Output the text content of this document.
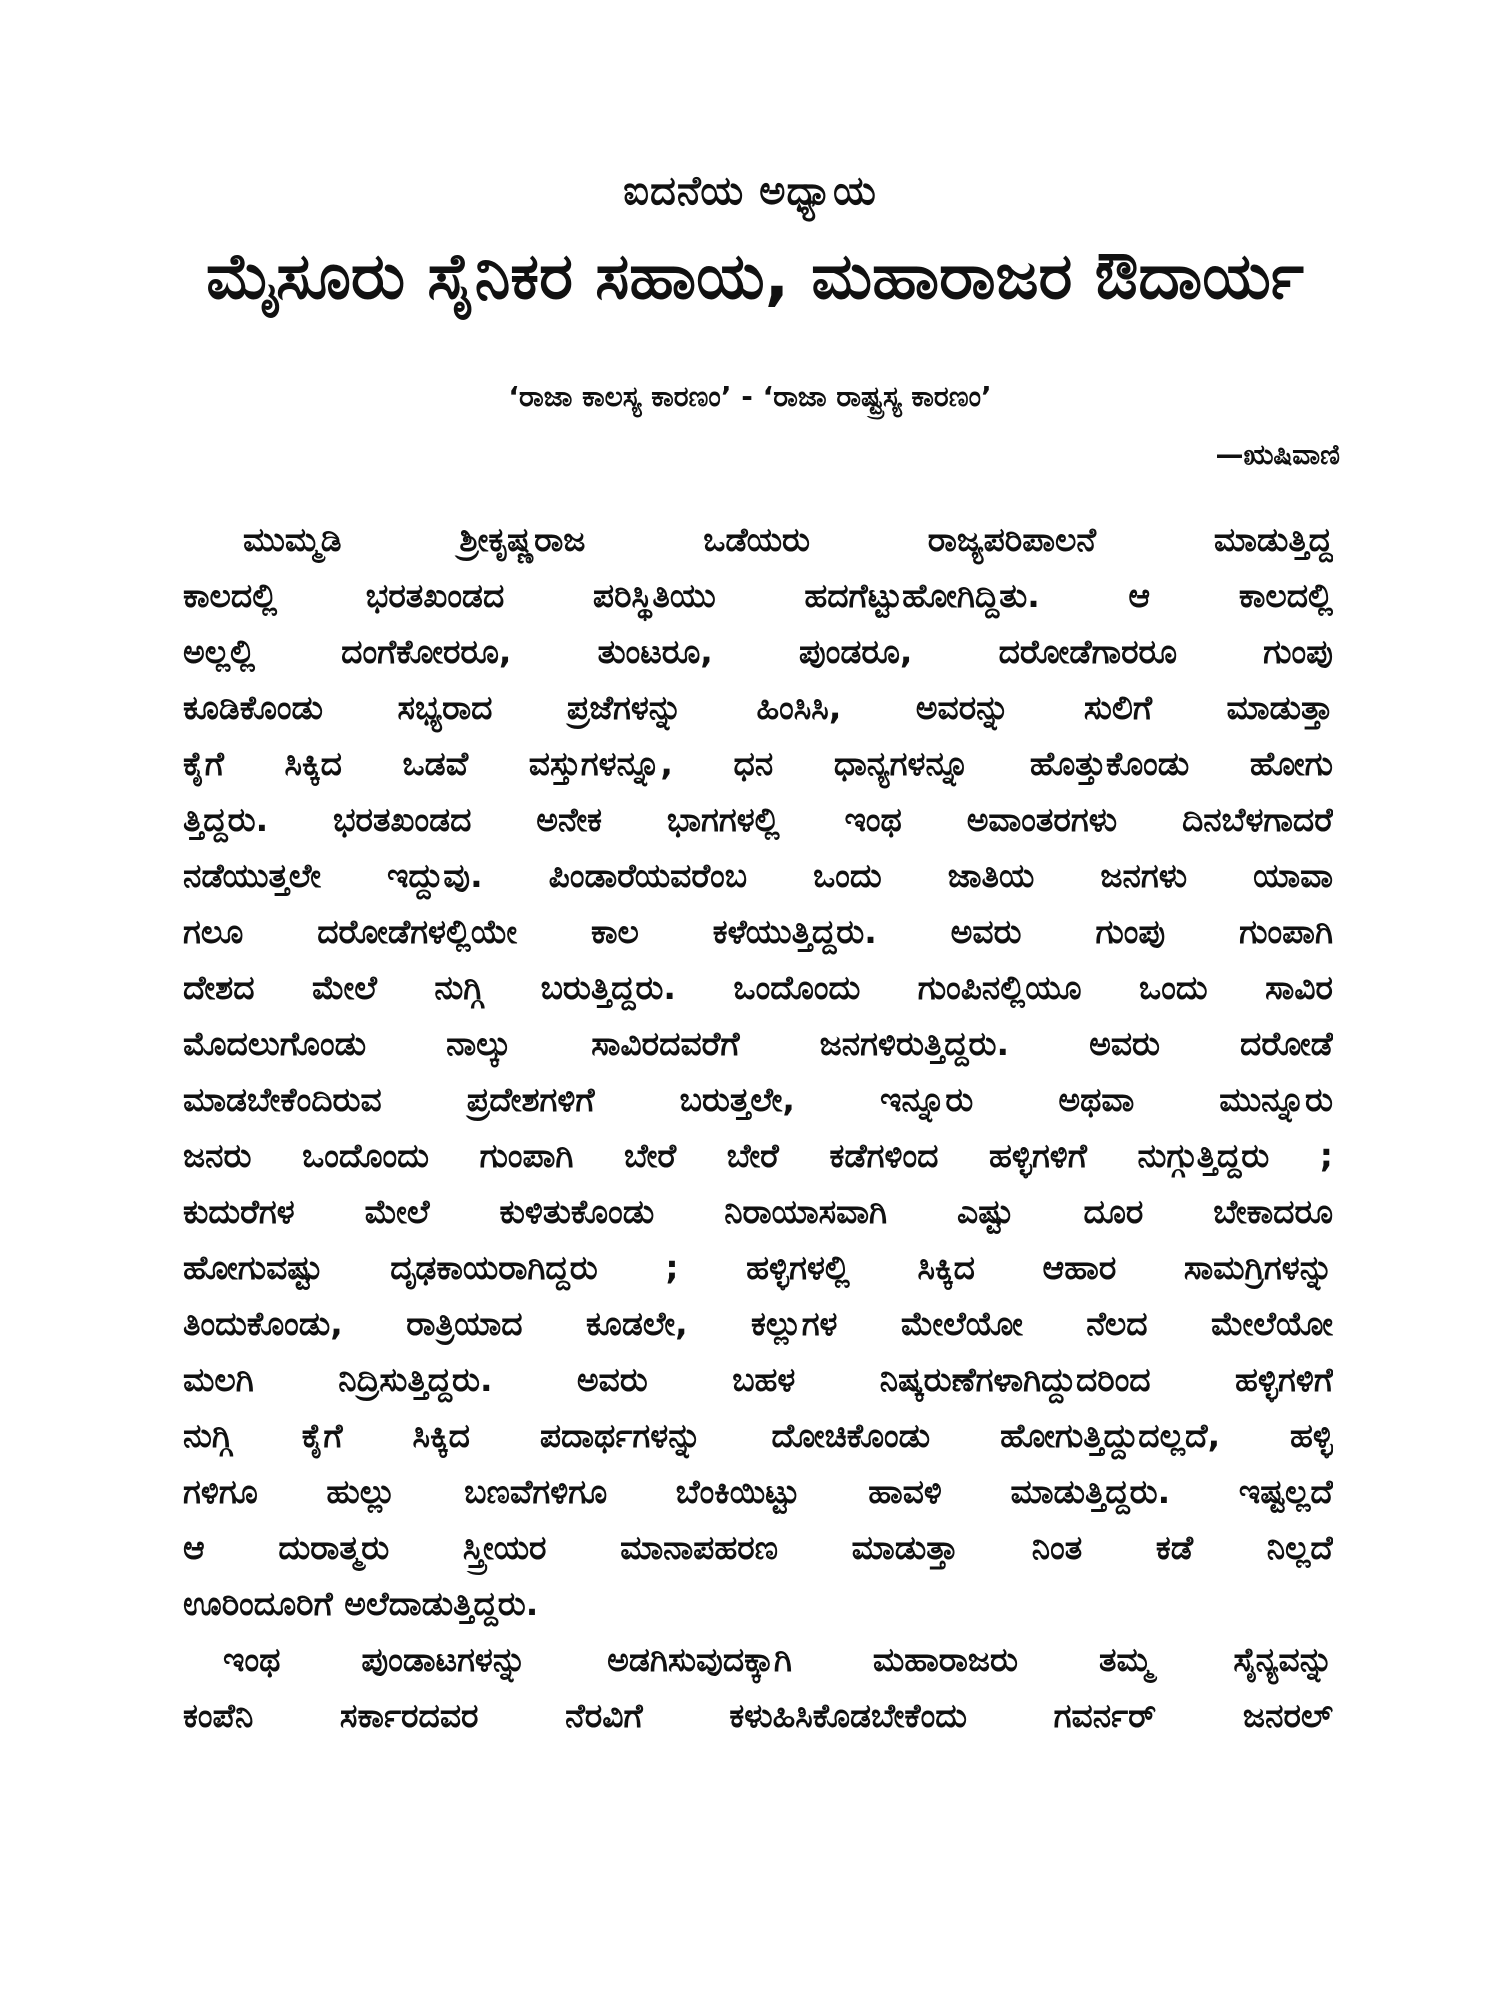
ಐದನೆಯ ಅಧ್ಯಾಯ
ಮೈಸೂರು ಸೈನಿಕರ ಸಹಾಯ, ಮಹಾರಾಜರ ಔದಾರ್ಯ
‘ರಾಜಾ ಕಾಲಸ್ಯ ಕಾರಣಂ’ - ‘ರಾಜಾ ರಾಷ್ಟ್ರಸ್ಯ ಕಾರಣಂ’
—ಋಷಿವಾಣಿ
ಮುಮ್ಮಡಿ ಶ್ರೀಕೃಷ್ಣರಾಜ ಒಡೆಯರು ರಾಜ್ಯಪರಿಪಾಲನೆ ಮಾಡುತ್ತಿದ್ದ
ಕಾಲದಲ್ಲಿ ಭರತಖಂಡದ ಪರಿಸ್ಥಿತಿಯು ಹದಗೆಟ್ಟುಹೋಗಿದ್ದಿತು. ಆ ಕಾಲದಲ್ಲಿ
ಅಲ್ಲಲ್ಲಿ ದಂಗೆಕೋರರೂ, ತುಂಟರೂ, ಪುಂಡರೂ, ದರೋಡೆಗಾರರೂ ಗುಂಪು
ಕೂಡಿಕೊಂಡು ಸಭ್ಯರಾದ ಪ್ರಜೆಗಳನ್ನು ಹಿಂಸಿಸಿ, ಅವರನ್ನು ಸುಲಿಗೆ ಮಾಡುತ್ತಾ
ಕೈಗೆ ಸಿಕ್ಕಿದ ಒಡವೆ ವಸ್ತುಗಳನ್ನೂ, ಧನ ಧಾನ್ಯಗಳನ್ನೂ ಹೊತ್ತುಕೊಂಡು ಹೋಗು
ತ್ತಿದ್ದರು. ಭರತಖಂಡದ ಅನೇಕ ಭಾಗಗಳಲ್ಲಿ ಇಂಥ ಅವಾಂತರಗಳು ದಿನಬೆಳಗಾದರೆ
ನಡೆಯುತ್ತಲೇ ಇದ್ದುವು. ಪಿಂಡಾರೆಯವರೆಂಬ ಒಂದು ಜಾತಿಯ ಜನಗಳು ಯಾವಾ
ಗಲೂ ದರೋಡೆಗಳಲ್ಲಿಯೇ ಕಾಲ ಕಳೆಯುತ್ತಿದ್ದರು. ಅವರು ಗುಂಪು ಗುಂಪಾಗಿ
ದೇಶದ ಮೇಲೆ ನುಗ್ಗಿ ಬರುತ್ತಿದ್ದರು. ಒಂದೊಂದು ಗುಂಪಿನಲ್ಲಿಯೂ ಒಂದು ಸಾವಿರ
ಮೊದಲುಗೊಂಡು ನಾಲ್ಕು ಸಾವಿರದವರೆಗೆ ಜನಗಳಿರುತ್ತಿದ್ದರು. ಅವರು ದರೋಡೆ
ಮಾಡಬೇಕೆಂದಿರುವ ಪ್ರದೇಶಗಳಿಗೆ ಬರುತ್ತಲೇ, ಇನ್ನೂರು ಅಥವಾ ಮುನ್ನೂರು
ಜನರು ಒಂದೊಂದು ಗುಂಪಾಗಿ ಬೇರೆ ಬೇರೆ ಕಡೆಗಳಿಂದ ಹಳ್ಳಿಗಳಿಗೆ ನುಗ್ಗುತ್ತಿದ್ದರು ;
ಕುದುರೆಗಳ ಮೇಲೆ ಕುಳಿತುಕೊಂಡು ನಿರಾಯಾಸವಾಗಿ ಎಷ್ಟು ದೂರ ಬೇಕಾದರೂ
ಹೋಗುವಷ್ಟು ದೃಢಕಾಯರಾಗಿದ್ದರು ; ಹಳ್ಳಿಗಳಲ್ಲಿ ಸಿಕ್ಕಿದ ಆಹಾರ ಸಾಮಗ್ರಿಗಳನ್ನು
ತಿಂದುಕೊಂಡು, ರಾತ್ರಿಯಾದ ಕೂಡಲೇ, ಕಲ್ಲುಗಳ ಮೇಲೆಯೋ ನೆಲದ ಮೇಲೆಯೋ
ಮಲಗಿ ನಿದ್ರಿಸುತ್ತಿದ್ದರು. ಅವರು ಬಹಳ ನಿಷ್ಕರುಣೆಗಳಾಗಿದ್ದುದರಿಂದ ಹಳ್ಳಿಗಳಿಗೆ
ನುಗ್ಗಿ ಕೈಗೆ ಸಿಕ್ಕಿದ ಪದಾರ್ಥಗಳನ್ನು ದೋಚಿಕೊಂಡು ಹೋಗುತ್ತಿದ್ದುದಲ್ಲದೆ, ಹಳ್ಳಿ
ಗಳಿಗೂ ಹುಲ್ಲು ಬಣವೆಗಳಿಗೂ ಬೆಂಕಿಯಿಟ್ಟು ಹಾವಳಿ ಮಾಡುತ್ತಿದ್ದರು. ಇಷ್ಟಲ್ಲದೆ
ಆ ದುರಾತ್ಮರು ಸ್ತ್ರೀಯರ ಮಾನಾಪಹರಣ ಮಾಡುತ್ತಾ ನಿಂತ ಕಡೆ ನಿಲ್ಲದೆ
ಊರಿಂದೂರಿಗೆ ಅಲೆದಾಡುತ್ತಿದ್ದರು.
ಇಂಥ ಪುಂಡಾಟಗಳನ್ನು ಅಡಗಿಸುವುದಕ್ಕಾಗಿ ಮಹಾರಾಜರು ತಮ್ಮ ಸೈನ್ಯವನ್ನು
ಕಂಪೆನಿ ಸರ್ಕಾರದವರ ನೆರವಿಗೆ ಕಳುಹಿಸಿಕೊಡಬೇಕೆಂದು ಗವರ್ನರ್ ಜನರಲ್
